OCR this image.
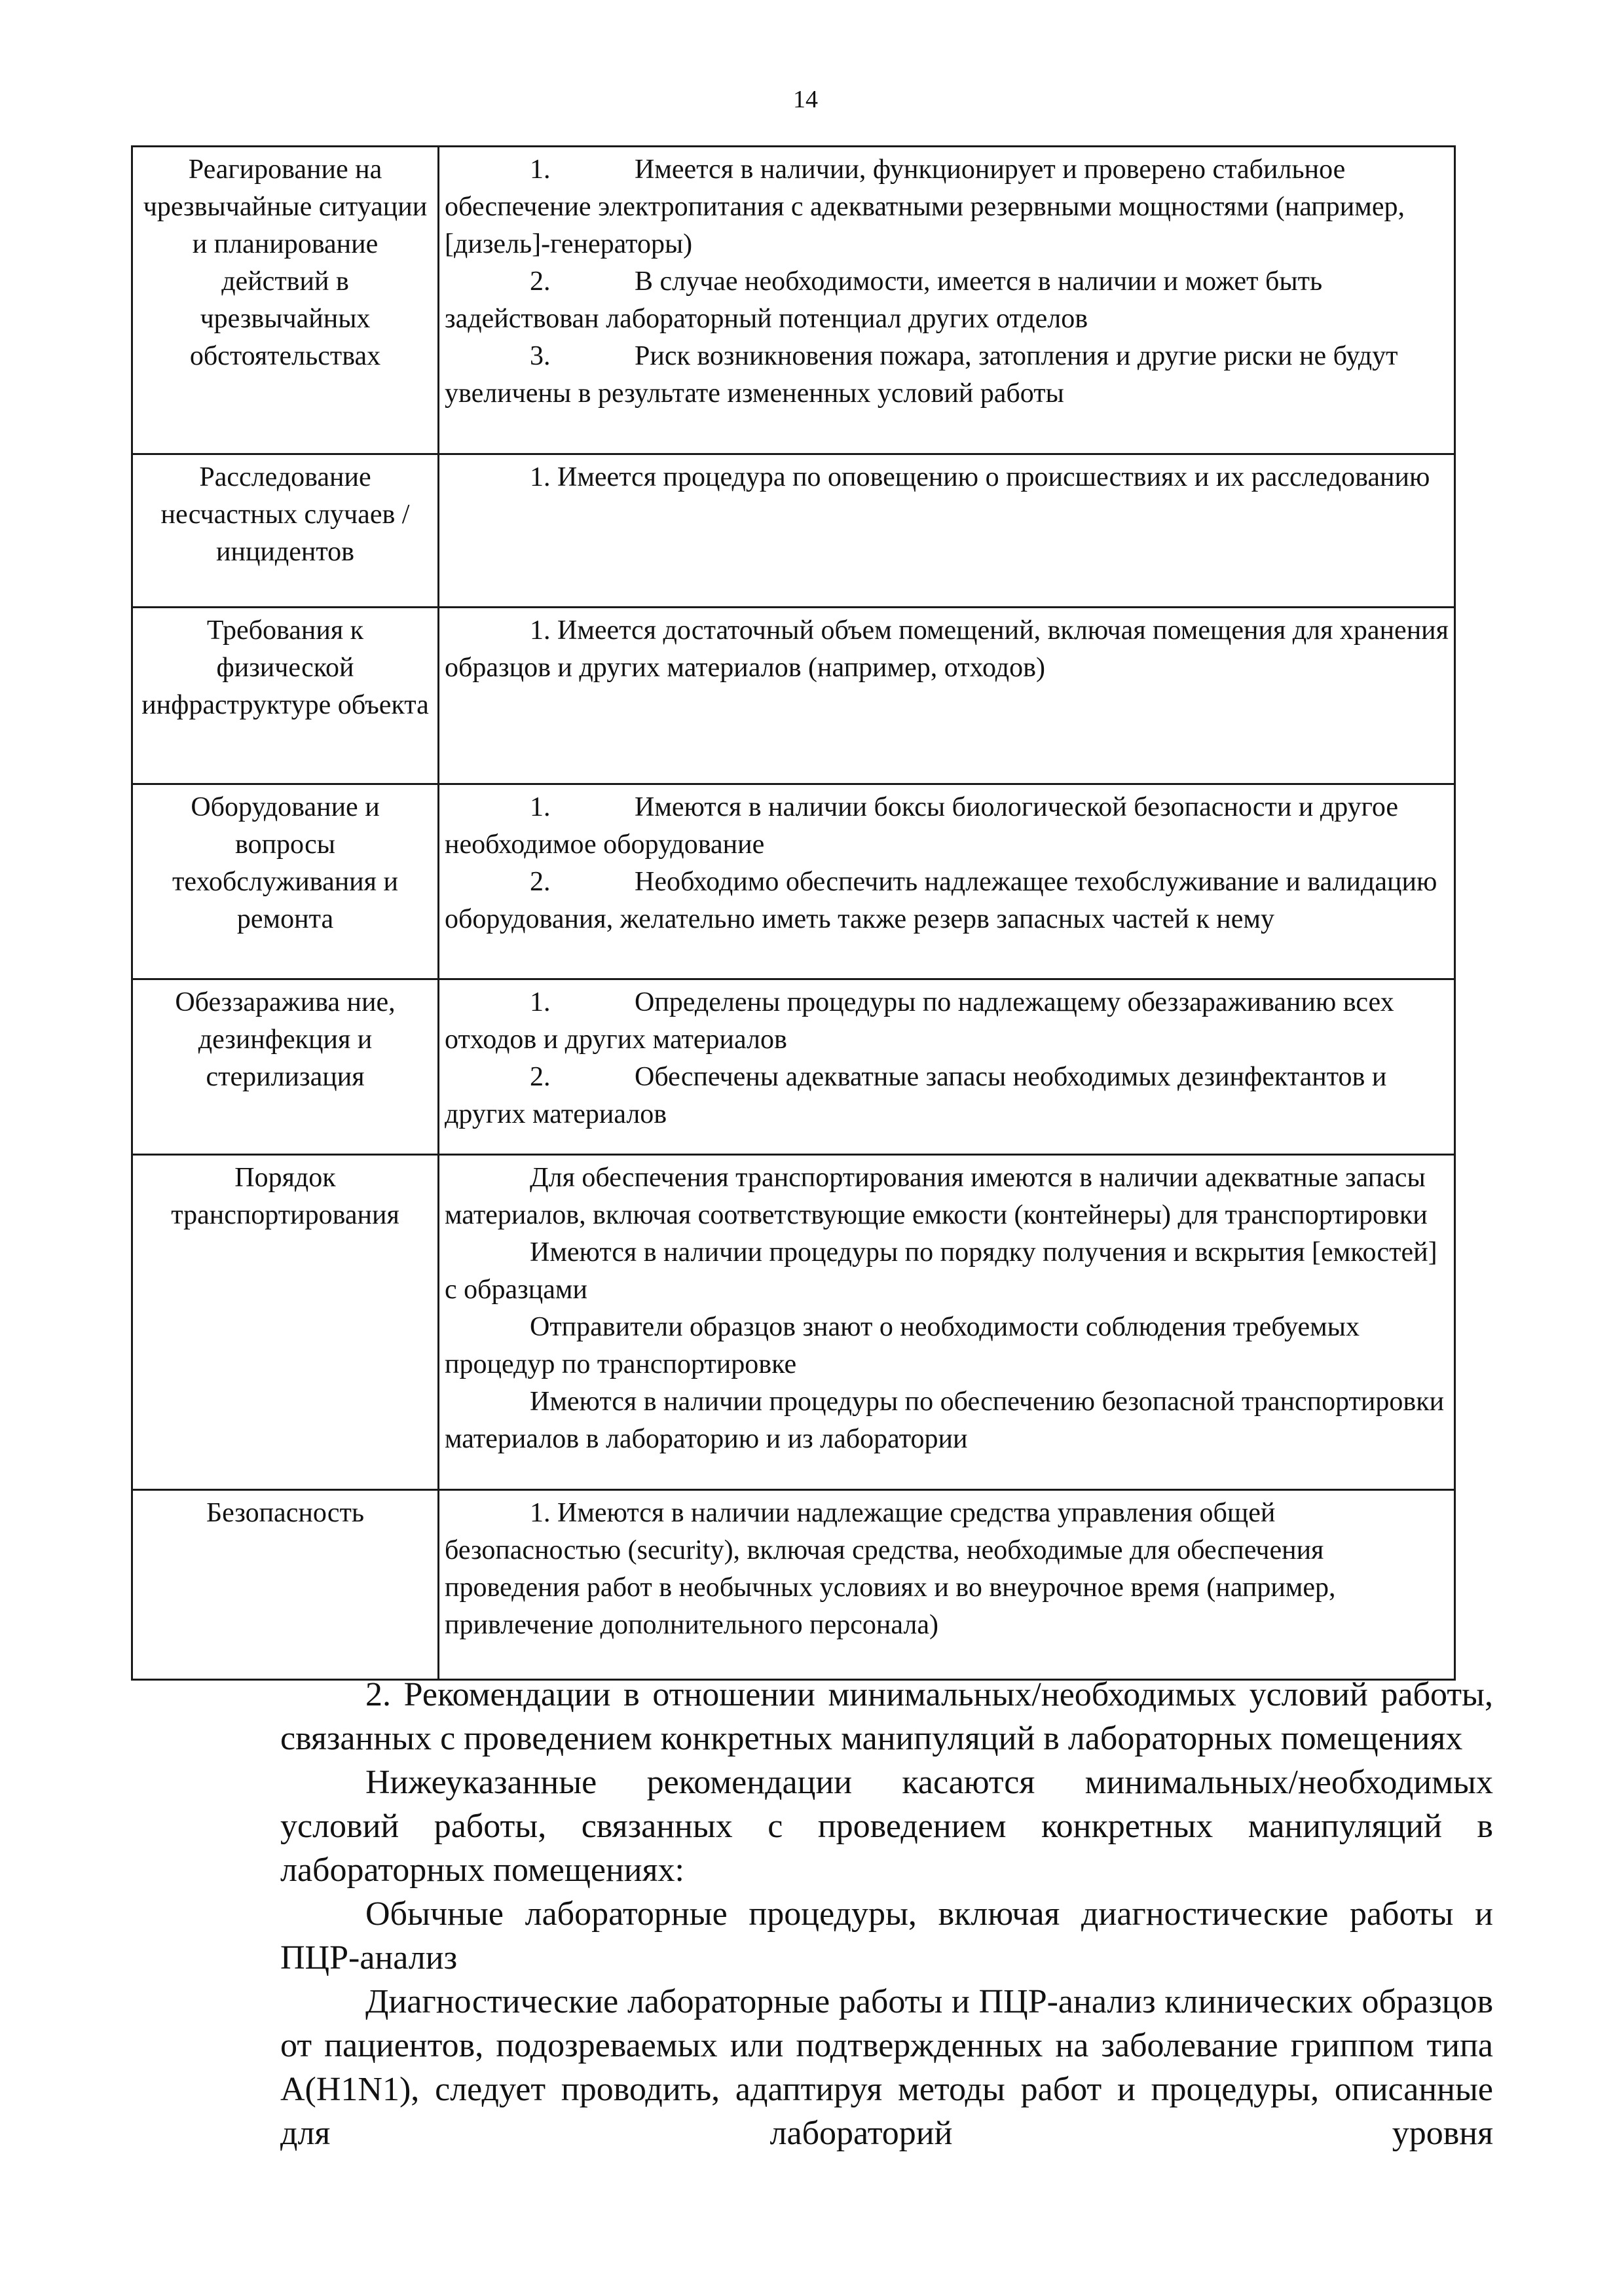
14
Реагирование на чрезвычайные ситуации и планирование действий в чрезвычайных обстоятельствах	1. Имеется в наличии, функционирует и проверено стабильное обеспечение электропитания с адекватными резервными мощностями (например, [дизель]-генераторы)

2. В случае необходимости, имеется в наличии и может быть задействован лабораторный потенциал других отделов

3. Риск возникновения пожара, затопления и другие риски не будут увеличены в результате измененных условий работы

Расследование несчастных случаев / инцидентов	1. Имеется процедура по оповещению о происшествиях и их расследованию

Требования к физической инфраструктуре объекта	1. Имеется достаточный объем помещений, включая помещения для хранения образцов и других материалов (например, отходов)

Оборудование и вопросы техобслуживания и ремонта	1. Имеются в наличии боксы биологической безопасности и другое необходимое оборудование

2. Необходимо обеспечить надлежащее техобслуживание и валидацию оборудования, желательно иметь также резерв запасных частей к нему

Обеззаражива ние, дезинфекция и стерилизация	1. Определены процедуры по надлежащему обеззараживанию всех отходов и других материалов

2. Обеспечены адекватные запасы необходимых дезинфектантов и других материалов

Порядок транспортирования	Для обеспечения транспортирования имеются в наличии адекватные запасы материалов, включая соответствующие емкости (контейнеры) для транспортировки

Имеются в наличии процедуры по порядку получения и вскрытия [емкостей] с образцами

Отправители образцов знают о необходимости соблюдения требуемых процедур по транспортировке

Имеются в наличии процедуры по обеспечению безопасной транспортировки материалов в лабораторию и из лаборатории

Безопасность	1. Имеются в наличии надлежащие средства управления общей безопасностью (security), включая средства, необходимые для обеспечения проведения работ в необычных условиях и во внеурочное время (например, привлечение дополнительного персонала)

2. Рекомендации в отношении минимальных/необходимых условий работы, связанных с проведением конкретных манипуляций в лабораторных помещениях

Нижеуказанные рекомендации касаются минимальных/необходимых условий работы, связанных с проведением конкретных манипуляций в лабораторных помещениях:

Обычные лабораторные процедуры, включая диагностические работы и ПЦР-анализ

Диагностические лабораторные работы и ПЦР-анализ клинических образцов от пациентов, подозреваемых или подтвержденных на заболевание гриппом типа A(H1N1), следует проводить, адаптируя методы работ и процедуры, описанные для лабораторий уровня
